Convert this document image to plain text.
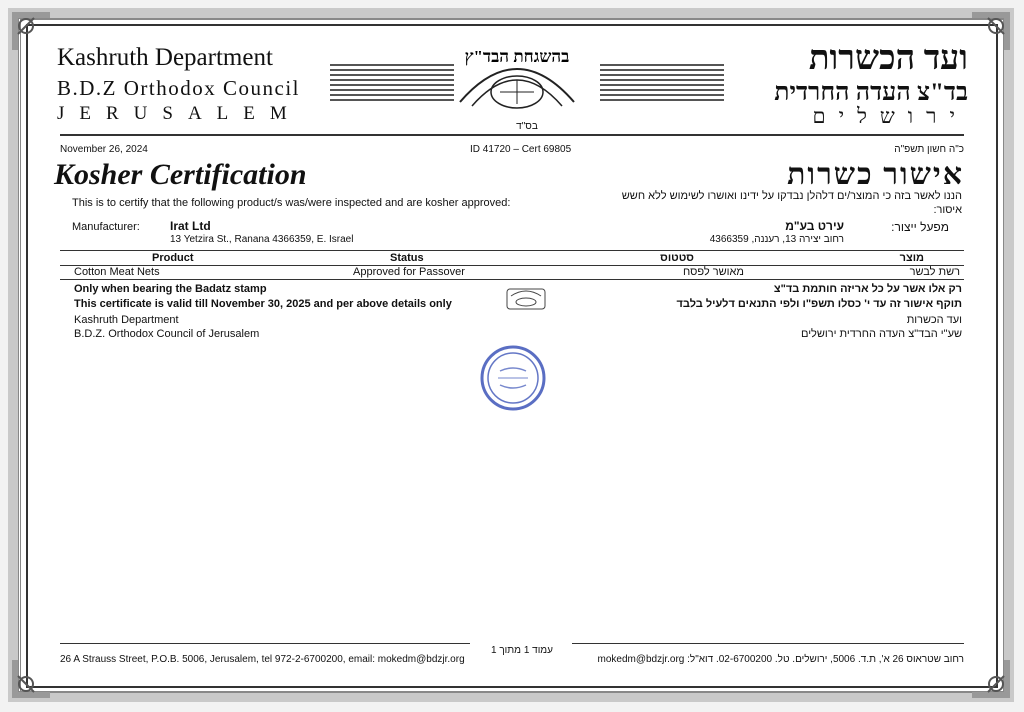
Kashruth Department
B.D.Z Orthodox Council
JERUSALEM
ועד הכשרות
בד"צ העדה החרדית
ירושלים
בהשגחת הבד"ץ
בס"ד
November 26, 2024	ID 41720 – Cert 69805	כ"ה חשון תשפ"ה
Kosher Certification	אישור כשרות
This is to certify that the following product/s was/were inspected and are kosher approved:
הננו לאשר בזה כי המוצר/ים דלהלן נבדקו על ידינו ואושרו לשימוש ללא חשש
איסור:
Manufacturer:	Irat Ltd
13 Yetzira St., Ranana 4366359, E. Israel
מפעל ייצור:
עירט בע"מ
רחוב יצירה 13, רעננה, 4366359
Product	Status	סטטוס	מוצר
Cotton Meat Nets	Approved for Passover	מאושר לפסח	רשת לבשר
Only when bearing the Badatz stamp
This certificate is valid till November 30, 2025 and per above details only
Kashruth Department
B.D.Z. Orthodox Council of Jerusalem
רק אלו אשר על כל אריזה חותמת בד"צ
תוקף אישור זה עד י' כסלו תשפ"ו ולפי התנאים דלעיל בלבד
ועד הכשרות
שע"י הבד"צ העדה החרדית ירושלים
עמוד 1 מתוך 1
26 A Strauss Street, P.O.B. 5006, Jerusalem, tel 972-2-6700200, email: mokedm@bdzjr.org	רחוב שטראוס 26 א', ת.ד. 5006, ירושלים. טל. 02-6700200. דוא"ל: mokedm@bdzjr.org
